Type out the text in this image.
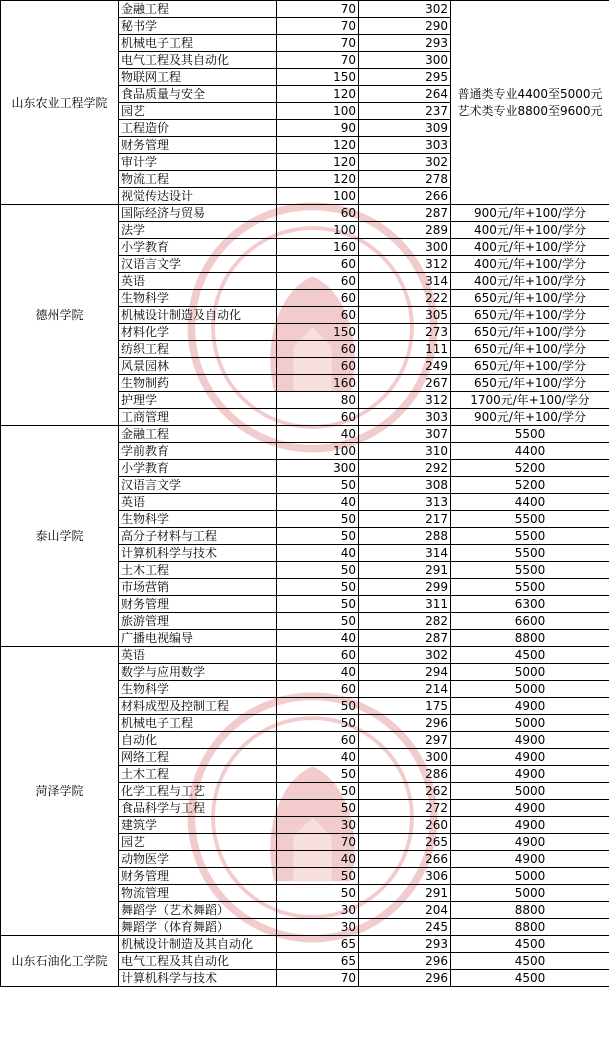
山东农业工程学院	金融工程	70	302	普通类专业4400至5000元
艺术类专业8800至9600元
	秘书学	70	290	
	机械电子工程	70	293	
	电气工程及其自动化	70	300	
	物联网工程	150	295	
	食品质量与安全	120	264	
	园艺	100	237	
	工程造价	90	309	
	财务管理	120	303	
	审计学	120	302	
	物流工程	120	278	
	视觉传达设计	100	266	
德州学院	国际经济与贸易	60	287	900元/年+100/学分
	法学	100	289	400元/年+100/学分
	小学教育	160	300	400元/年+100/学分
	汉语言文学	60	312	400元/年+100/学分
	英语	60	314	400元/年+100/学分
	生物科学	60	222	650元/年+100/学分
	机械设计制造及自动化	60	305	650元/年+100/学分
	材料化学	150	273	650元/年+100/学分
	纺织工程	60	111	650元/年+100/学分
	风景园林	60	249	650元/年+100/学分
	生物制药	160	267	650元/年+100/学分
	护理学	80	312	1700元/年+100/学分
	工商管理	60	303	900元/年+100/学分
泰山学院	金融工程	40	307	5500
	学前教育	100	310	4400
	小学教育	300	292	5200
	汉语言文学	50	308	5200
	英语	40	313	4400
	生物科学	50	217	5500
	高分子材料与工程	50	288	5500
	计算机科学与技术	40	314	5500
	土木工程	50	291	5500
	市场营销	50	299	5500
	财务管理	50	311	6300
	旅游管理	50	282	6600
	广播电视编导	40	287	8800
菏泽学院	英语	60	302	4500
	数学与应用数学	40	294	5000
	生物科学	60	214	5000
	材料成型及控制工程	50	175	4900
	机械电子工程	50	296	5000
	自动化	60	297	4900
	网络工程	40	300	4900
	土木工程	50	286	4900
	化学工程与工艺	50	262	5000
	食品科学与工程	50	272	4900
	建筑学	30	260	4900
	园艺	70	265	4900
	动物医学	40	266	4900
	财务管理	50	306	5000
	物流管理	50	291	5000
	舞蹈学（艺术舞蹈）	30	204	8800
	舞蹈学（体育舞蹈）	30	245	8800
山东石油化工学院	机械设计制造及其自动化	65	293	4500
	电气工程及其自动化	65	296	4500
	计算机科学与技术	70	296	4500
